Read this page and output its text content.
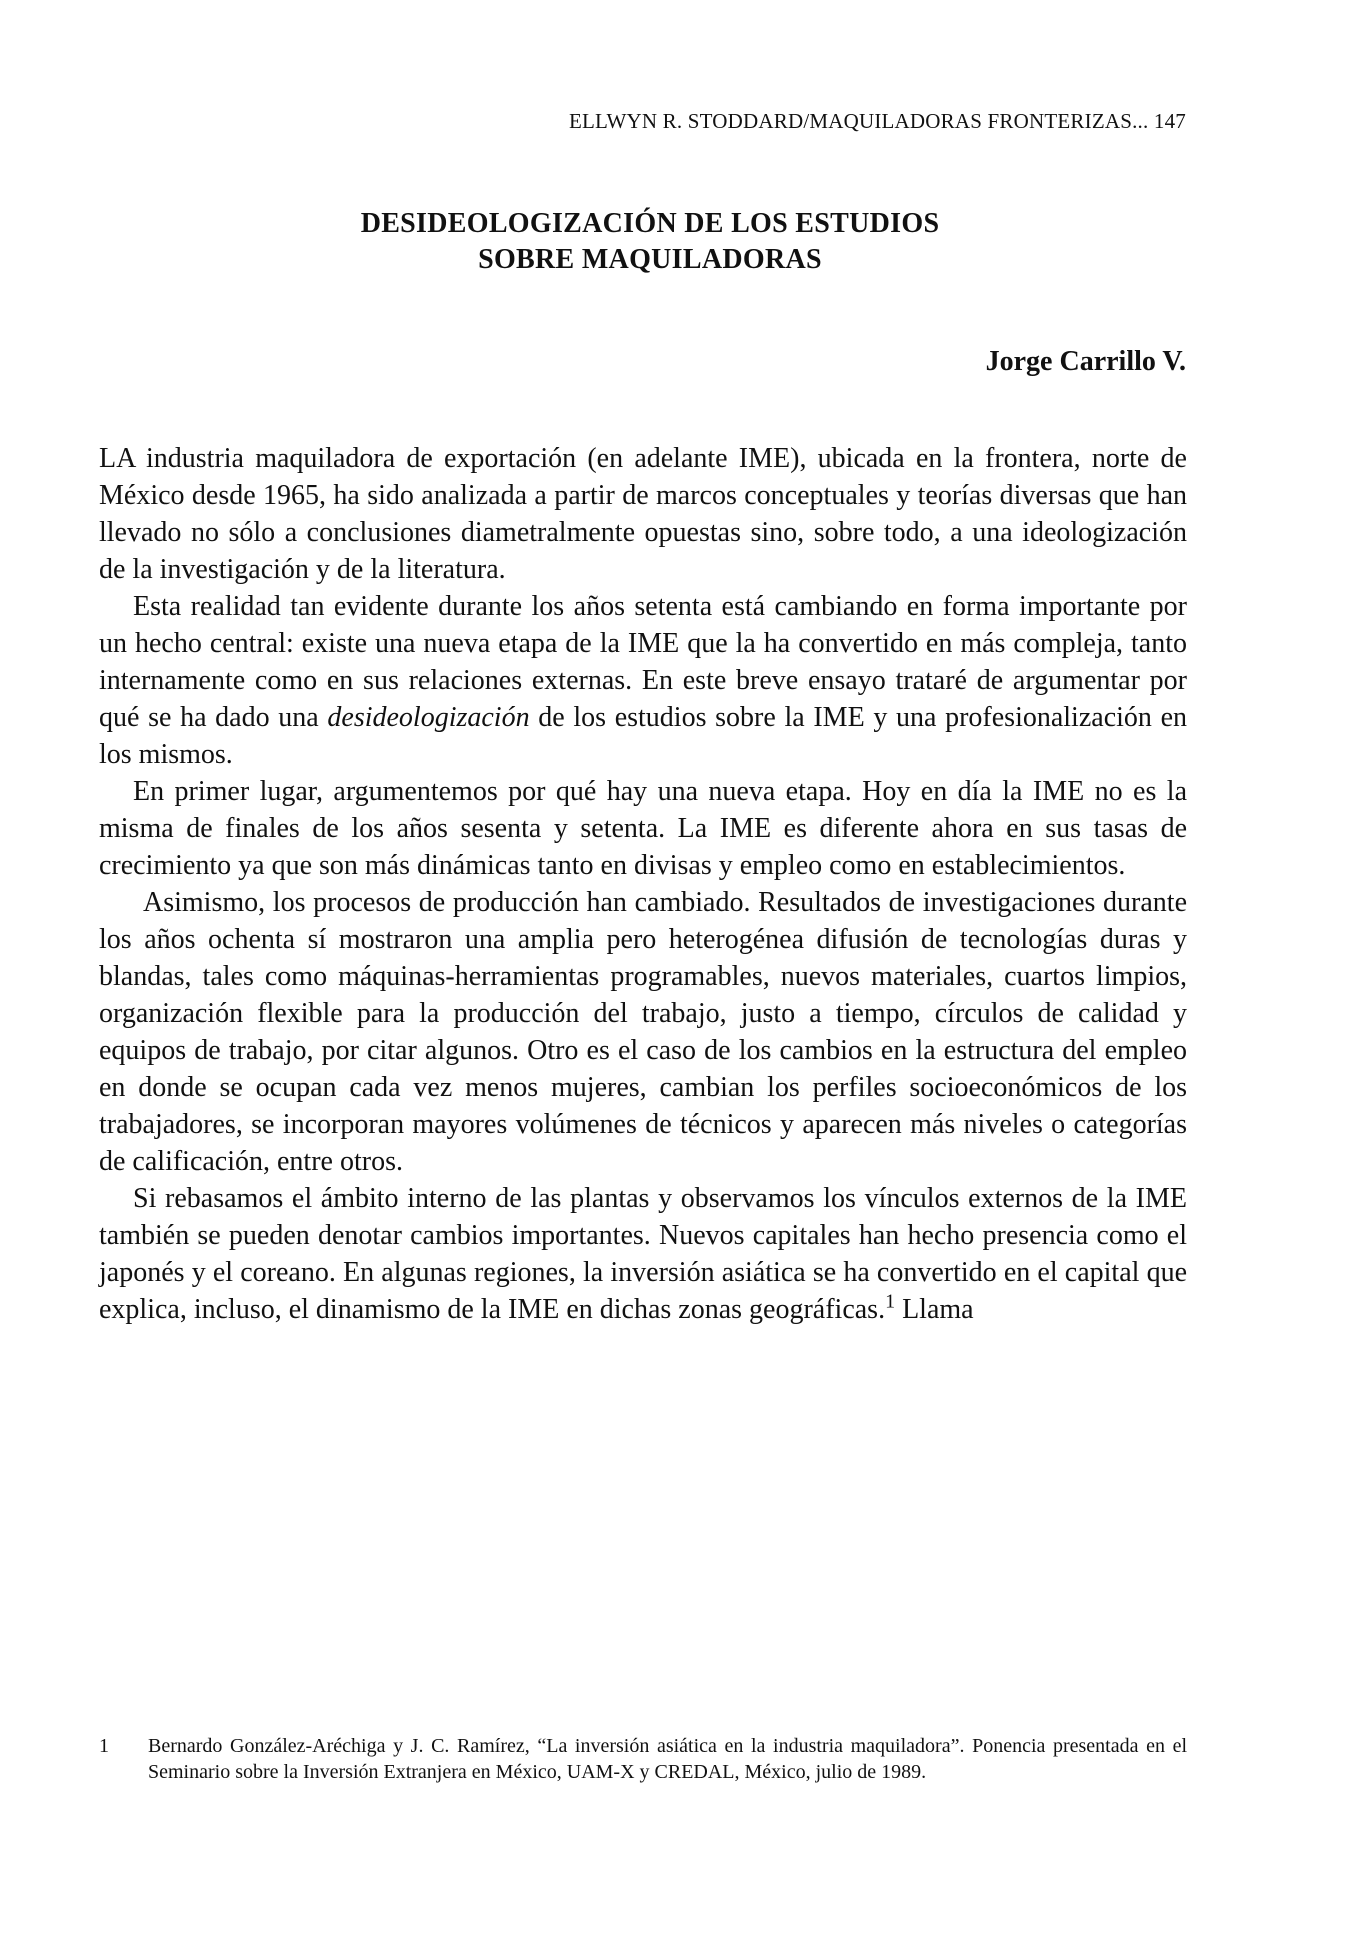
ELLWYN R. STODDARD/MAQUILADORAS FRONTERIZAS... 147
DESIDEOLOGIZACIÓN DE LOS ESTUDIOS
SOBRE MAQUILADORAS
Jorge Carrillo V.

LA industria maquiladora de exportación (en adelante IME), ubicada en la frontera, norte de México desde 1965, ha sido analizada a partir de marcos conceptuales y teorías diversas que han llevado no sólo a conclusiones diametralmente opuestas sino, sobre todo, a una ideologización de la investigación y de la literatura.

Esta realidad tan evidente durante los años setenta está cambiando en forma importante por un hecho central: existe una nueva etapa de la IME que la ha convertido en más compleja, tanto internamente como en sus relaciones externas. En este breve ensayo trataré de argumentar por qué se ha dado una desideologización de los estudios sobre la IME y una profesionalización en los mismos.

En primer lugar, argumentemos por qué hay una nueva etapa. Hoy en día la IME no es la misma de finales de los años sesenta y setenta. La IME es diferente ahora en sus tasas de crecimiento ya que son más dinámicas tanto en divisas y empleo como en establecimientos.

Asimismo, los procesos de producción han cambiado. Resultados de investigaciones durante los años ochenta sí mostraron una amplia pero heterogénea difusión de tecnologías duras y blandas, tales como máquinas-herramientas programables, nuevos materiales, cuartos limpios, organización flexible para la producción del trabajo, justo a tiempo, círculos de calidad y equipos de trabajo, por citar algunos. Otro es el caso de los cambios en la estructura del empleo en donde se ocupan cada vez menos mujeres, cambian los perfiles socioeconómicos de los trabajadores, se incorporan mayores volúmenes de técnicos y aparecen más niveles o categorías de calificación, entre otros.

Si rebasamos el ámbito interno de las plantas y observamos los vínculos externos de la IME también se pueden denotar cambios importantes. Nuevos capitales han hecho presencia como el japonés y el coreano. En algunas regiones, la inversión asiática se ha convertido en el capital que explica, incluso, el dinamismo de la IME en dichas zonas geográficas.$^1$ Llama

1 Bernardo González-Aréchiga y J. C. Ramírez, “La inversión asiática en la industria maquiladora”. Ponencia presentada en el Seminario sobre la Inversión Extranjera en México, UAM-X y CREDAL, México, julio de 1989.
